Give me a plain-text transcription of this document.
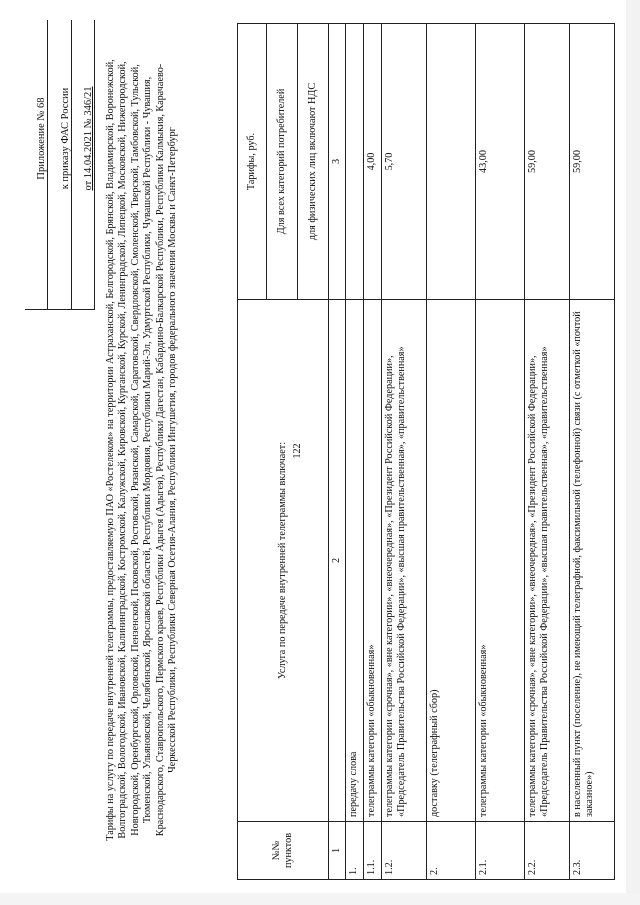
122
	Приложение № 68
	к приказу ФАС России
	от 14.04.2021 № 346/21 Тарифы на услугу по передаче внутренней телеграммы, предоставляемую ПАО «Ростелеком» на территории Астраханской, Белгородской, Брянской, Владимирской, Воронежской, Волгоградской, Вологодской, Ивановской, Калининградской, Костромской, Калужской, Кировской, Курганской, Курской, Ленинградской, Липецкой, Московской, Нижегородской, Новгородской, Оренбургской, Орловской, Пензенской, Псковской, Ростовской, Рязанской, Самарской, Саратовской, Свердловской, Смоленской, Тверской, Тамбовской, Тульской, Тюменской, Ульяновской, Челябинской, Ярославской областей, Республики Мордовия, Республики Марий-Эл, Удмуртской Республики, Чувашской Республики - Чувашия, Краснодарского, Ставропольского, Пермского краев, Республики Адыгея (Адыгея), Республики Дагестан, Кабардино-Балкарской Республики, Республики Калмыкия, Карачаево-Черкесской Республики, Республики Северная Осетия-Алания, Республики Ингушетия, городов федерального значения Москвы и Санкт-Петербург
№№ пунктов	Услуга по передаче внутренней телеграммы включает:	Тарифы, руб.
		Для всех категорий потребителей
		для физических лиц включают НДС
1	2	3
1.	передачу слова	
1.1.	телеграммы категории «обыкновенная»	4,00
1.2.	телеграммы категории «срочная», «вне категории», «внеочередная», «Президент Российской Федерации», «Председатель Правительства Российской Федерации», «высшая правительственная», «правительственная»	5,70
2.	доставку (телеграфный сбор)	
2.1.	телеграммы категории «обыкновенная»	43,00
2.2.	телеграммы категории «срочная», «вне категории», «внеочередная», «Президент Российской Федерации», «Председатель Правительства Российской Федерации», «высшая правительственная», «правительственная»	59,00
2.3.	в населенный пункт (поселение), не имеющий телеграфной, факсимильной (телефонной) связи (с отметкой «почтой заказное»)	59,00
